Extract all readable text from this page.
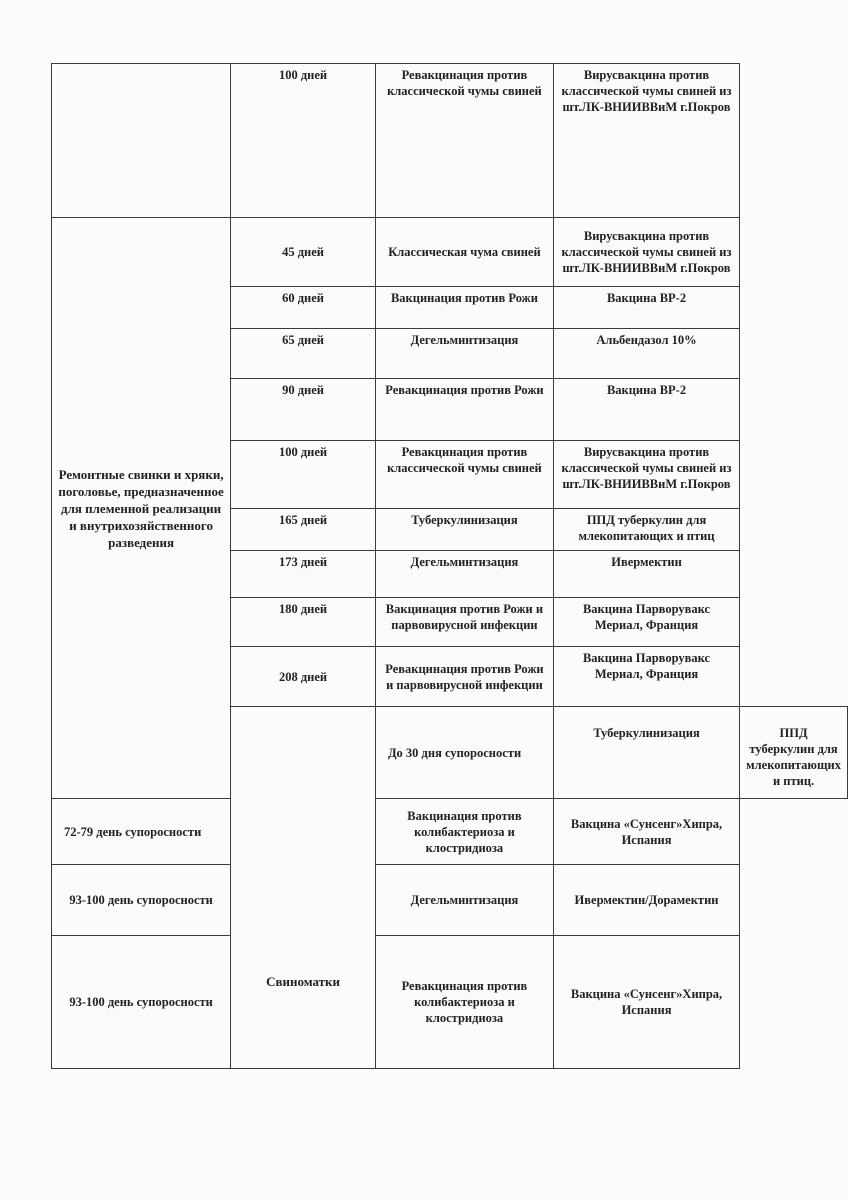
	100 дней	Ревакцинация против классической чумы свиней	Вирусвакцина против классической чумы свиней из шт.ЛК-ВНИИВВиМ г.Покров	
Ремонтные свинки и хряки, поголовье, предназначенное для племенной реализации и внутрихозяйственного разведения	45 дней	Классическая чума свиней	Вирусвакцина против классической чумы свиней из шт.ЛК-ВНИИВВиМ г.Покров	
	60 дней	Вакцинация против Рожи	Вакцина ВР-2	
	65 дней	Дегельминтизация	Альбендазол 10%	
	90 дней	Ревакцинация против Рожи	Вакцина ВР-2	
	100 дней	Ревакцинация против классической чумы свиней	Вирусвакцина против классической чумы свиней из шт.ЛК-ВНИИВВиМ г.Покров	
	165 дней	Туберкулинизация	ППД туберкулин для млекопитающих и птиц	
	173 дней	Дегельминтизация	Ивермектин	
	180 дней	Вакцинация против Рожи и парвовирусной инфекции	Вакцина Парворувакс Мериал, Франция	
	208 дней	Ревакцинация против Рожи и парвовирусной инфекции	Вакцина Парворувакс Мериал, Франция	
	Свиноматки	До 30 дня супоросности	Туберкулинизация	ППД туберкулин для млекопитающих и птиц.
72-79 день супоросности		Вакцинация против колибактериоза и клостридиоза	Вакцина «Сунсенг»Хипра, Испания	
93-100 день супоросности		Дегельминтизация	Ивермектин/Дорамектин	
93-100 день супоросности		Ревакцинация против колибактериоза и клостридиоза	Вакцина «Сунсенг»Хипра, Испания	
